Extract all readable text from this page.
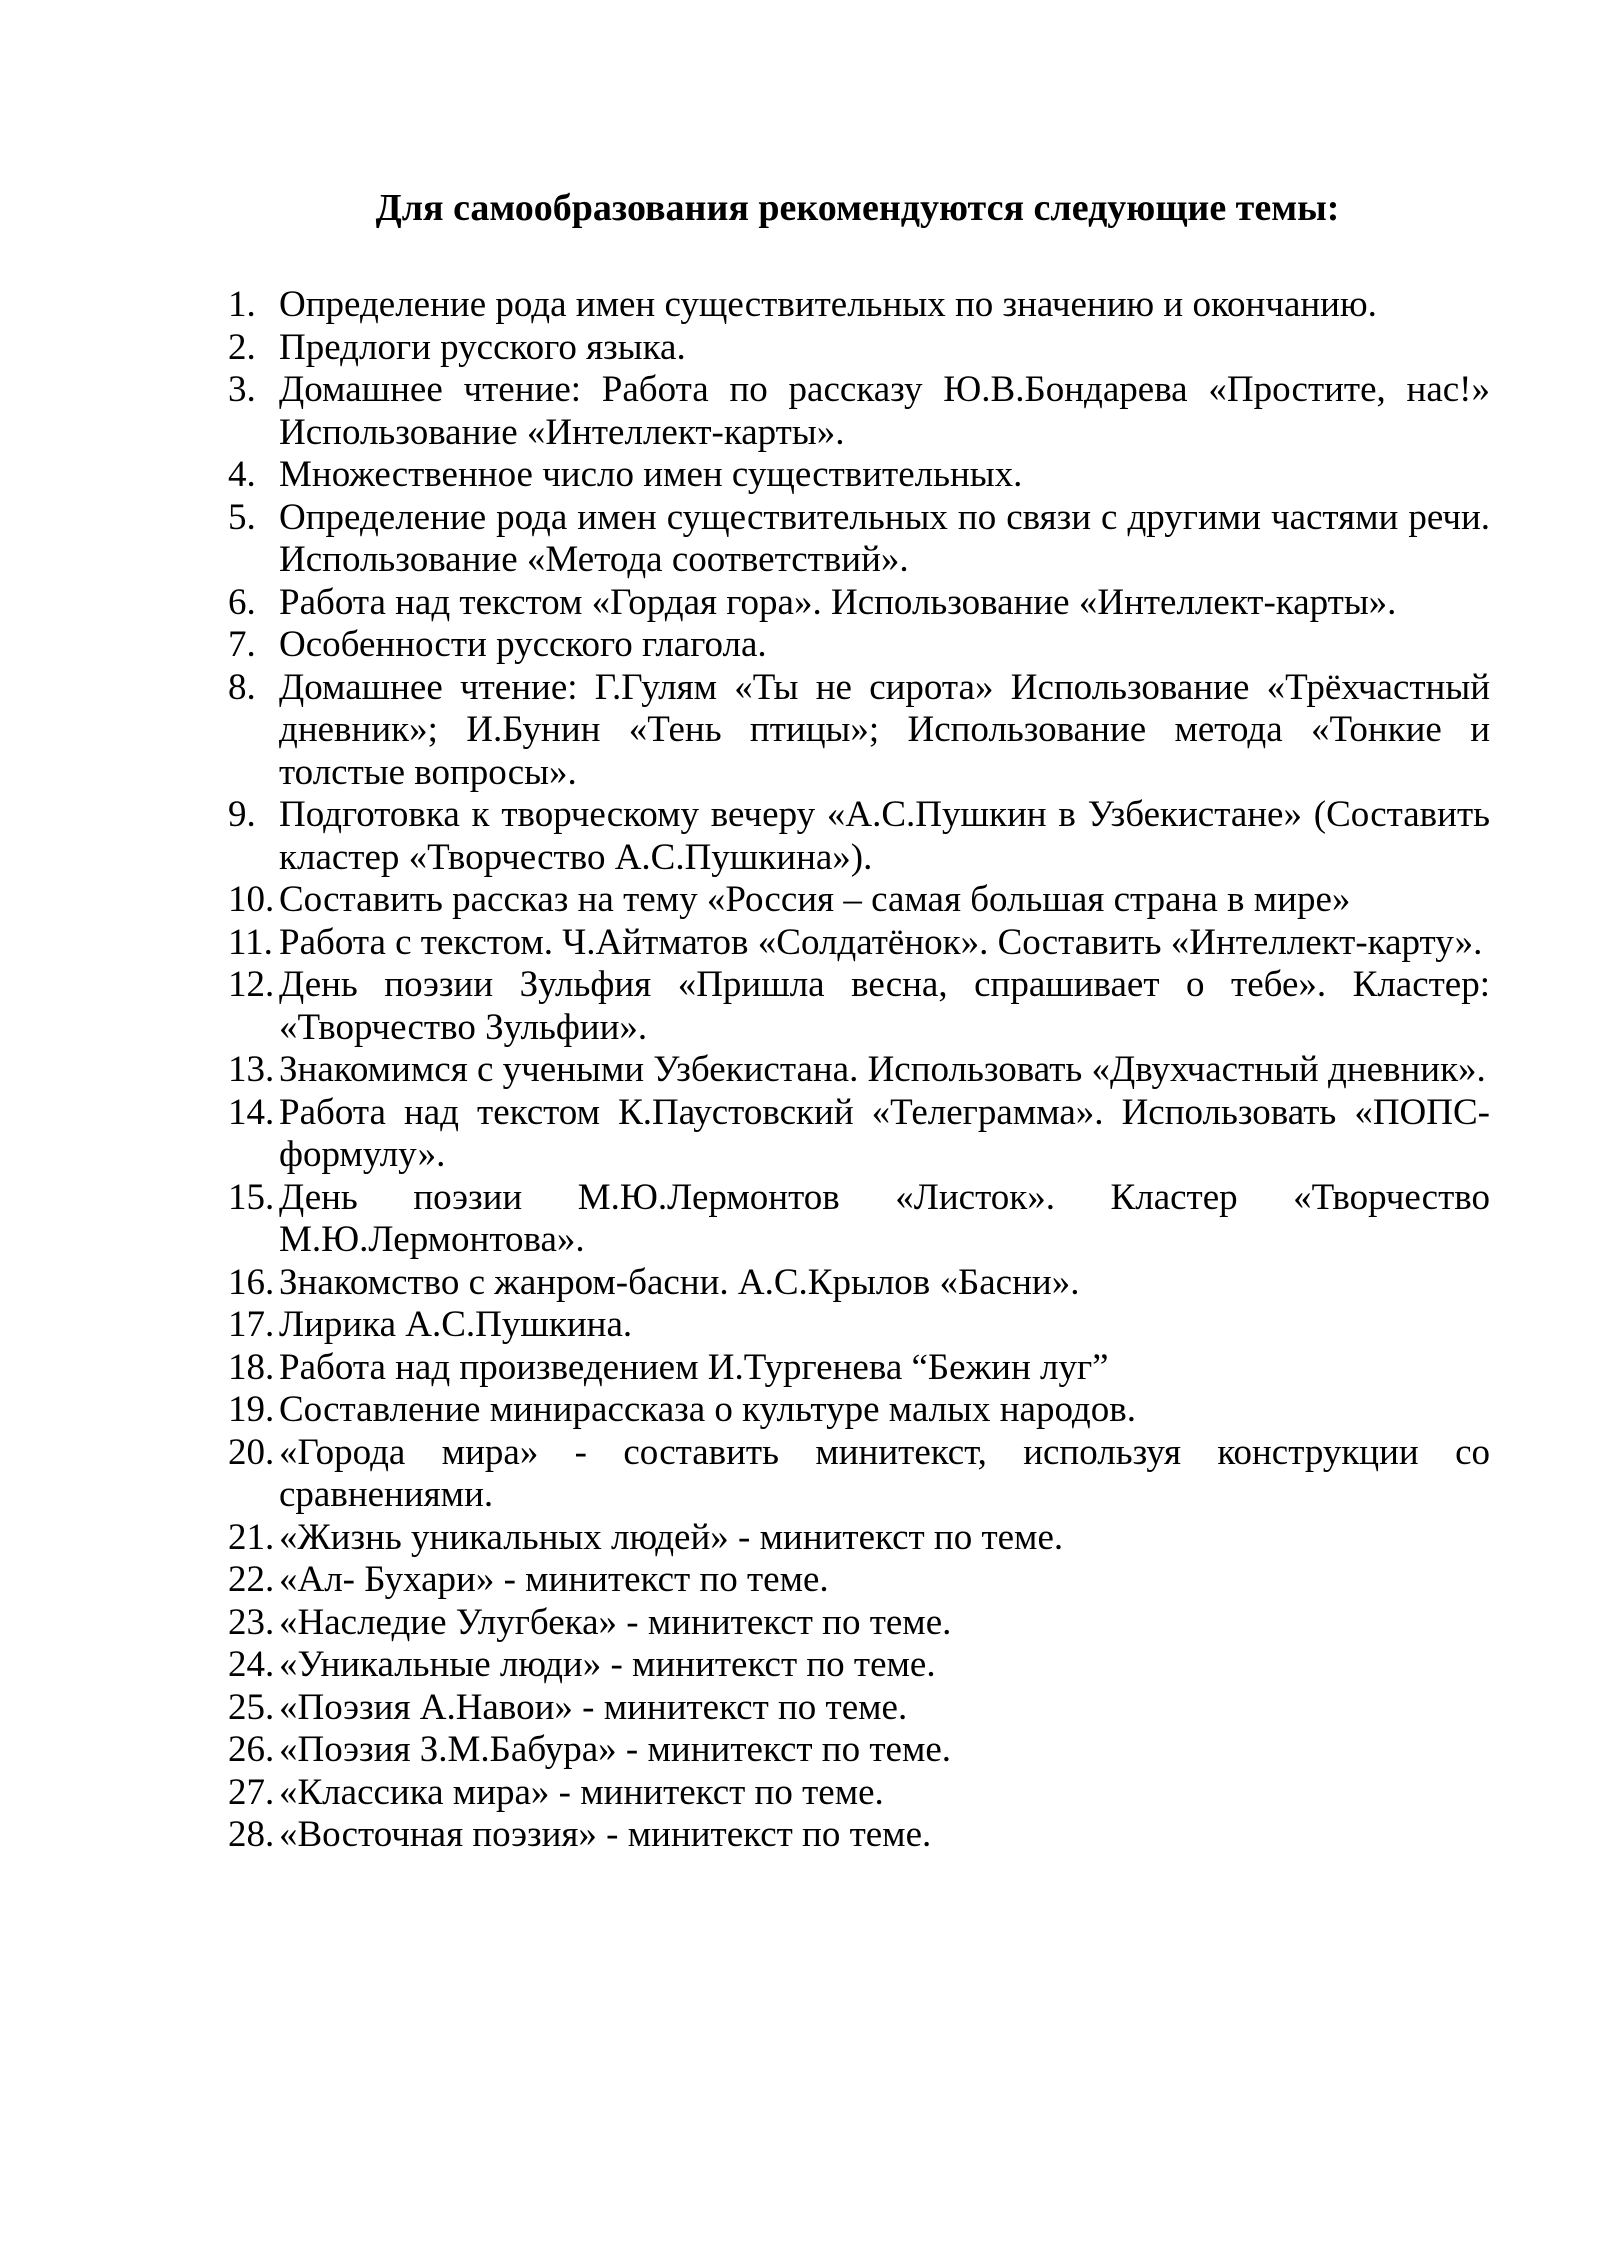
Для самообразования рекомендуются следующие темы:
1. Определение рода имен существительных по значению и окончанию.
2. Предлоги русского языка.
3. Домашнее чтение: Работа по рассказу Ю.В.Бондарева «Простите, нас!» Использование «Интеллект-карты».
4. Множественное число имен существительных.
5. Определение рода имен существительных по связи с другими частями речи. Использование «Метода соответствий».
6. Работа над текстом «Гордая гора». Использование «Интеллект-карты».
7. Особенности русского глагола.
8. Домашнее чтение: Г.Гулям «Ты не сирота» Использование «Трёхчастный дневник»; И.Бунин «Тень птицы»; Использование метода «Тонкие и толстые вопросы».
9. Подготовка к творческому вечеру «А.С.Пушкин в Узбекистане» (Составить кластер «Творчество А.С.Пушкина»).
10. Составить рассказ на тему «Россия – самая большая страна в мире»
11. Работа с текстом. Ч.Айтматов «Солдатёнок». Составить «Интеллект-карту».
12. День поэзии Зульфия «Пришла весна, спрашивает о тебе». Кластер: «Творчество Зульфии».
13. Знакомимся с учеными Узбекистана. Использовать «Двухчастный дневник».
14. Работа над текстом К.Паустовский «Телеграмма». Использовать «ПОПС-формулу».
15. День поэзии М.Ю.Лермонтов «Листок». Кластер «Творчество М.Ю.Лермонтова».
16. Знакомство с жанром-басни. А.С.Крылов «Басни».
17. Лирика А.С.Пушкина.
18. Работа над произведением И.Тургенева “Бежин луг”
19. Составление минирассказа о культуре малых народов.
20. «Города мира» - составить минитекст, используя конструкции со сравнениями.
21. «Жизнь уникальных людей» - минитекст по теме.
22. «Ал- Бухари» - минитекст по теме.
23. «Наследие Улугбека» - минитекст по теме.
24. «Уникальные люди» - минитекст по теме.
25. «Поэзия А.Навои» - минитекст по теме.
26. «Поэзия З.М.Бабура» - минитекст по теме.
27. «Классика мира» - минитекст по теме.
28. «Восточная поэзия» - минитекст по теме.
